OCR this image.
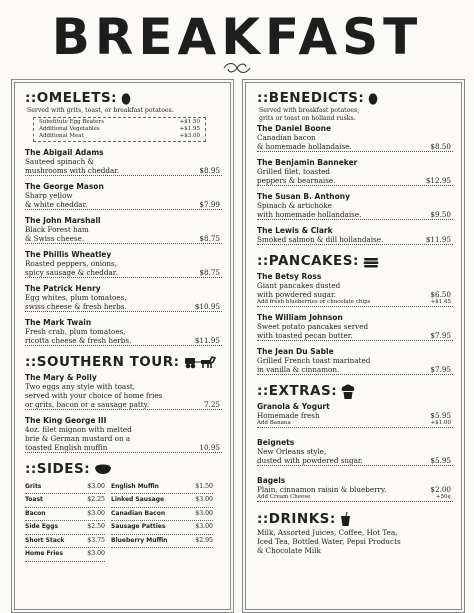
BREAKFAST
::OMELETS:
Served with grits, toast, or breakfast potatoes.
Substitute Egg Beaters	+$1.50
Additional Vegetables	+$1.95
Additional Meat	+$3.00
The Abigail Adams
Sauteed spinach &
mushrooms with cheddar.	$8.95
The George Mason
Sharp yellow
& white cheddar.	$7.99
The John Marshall
Black Forest ham
& Swiss cheese.	$8.75
The Phillis Wheatley
Roasted peppers, onions,
spicy sausage & cheddar.	$8.75
The Patrick Henry
Egg whites, plum tomatoes,
swiss cheese & fresh herbs.	$10.95
The Mark Twain
Fresh crab, plum tomatoes,
ricotta cheese & fresh herbs.	$11.95
::SOUTHERN TOUR:
The Mary & Polly
Two eggs any style with toast,
served with your choice of home fries
or grits, bacon or a sausage patty.	7.25
The King George III
4oz. filet mignon with melted
brie & German mustard on a
toasted English muffin	10.95
::SIDES:
Grits	$3.00
Toast	$2.25
Bacon	$3.00
Side Eggs	$2.50
Short Stack	$3.75
Home Fries	$3.00
English Muffin	$1.50
Linked Sausage	$3.00
Canadian Bacon	$3.00
Sausage Patties	$3.00
Blueberry Muffin	$2.95
::BENEDICTS:
Served with breakfast potatoes,
grits or toast on holland rusks.
The Daniel Boone
Canadian bacon
& homemade hollandaise.	$8.50
The Benjamin Banneker
Grilled filet, toasted
peppers & bearnaise.	$12.95
The Susan B. Anthony
Spinach & artichoke
with homemade hollandaise.	$9.50
The Lewis & Clark
Smoked salmon & dill hollandaise.	$11.95
::PANCAKES:
The Betsy Ross
Giant pancakes dusted
with powdered sugar.	$6.50
Add fresh blueberries or chocolate chips	+$1.45
The William Johnson
Sweet potato pancakes served
with toasted pecan butter.	$7.95
The Jean Du Sable
Grilled French toast marinated
in vanilla & cinnamon.	$7.95
::EXTRAS:
Granola & Yogurt
Homemade fresh	$5.95
Add Banana	+$1.00
Beignets
New Orleans style,
dusted with powdered sugar.	$5.95
Bagels
Plain, cinnamon raisin & blueberry.	$2.00
Add Cream Cheese	+50¢
::DRINKS:
Milk, Assorted Juices, Coffee, Hot Tea,
Iced Tea, Bottled Water, Pepsi Products
& Chocolate Milk
